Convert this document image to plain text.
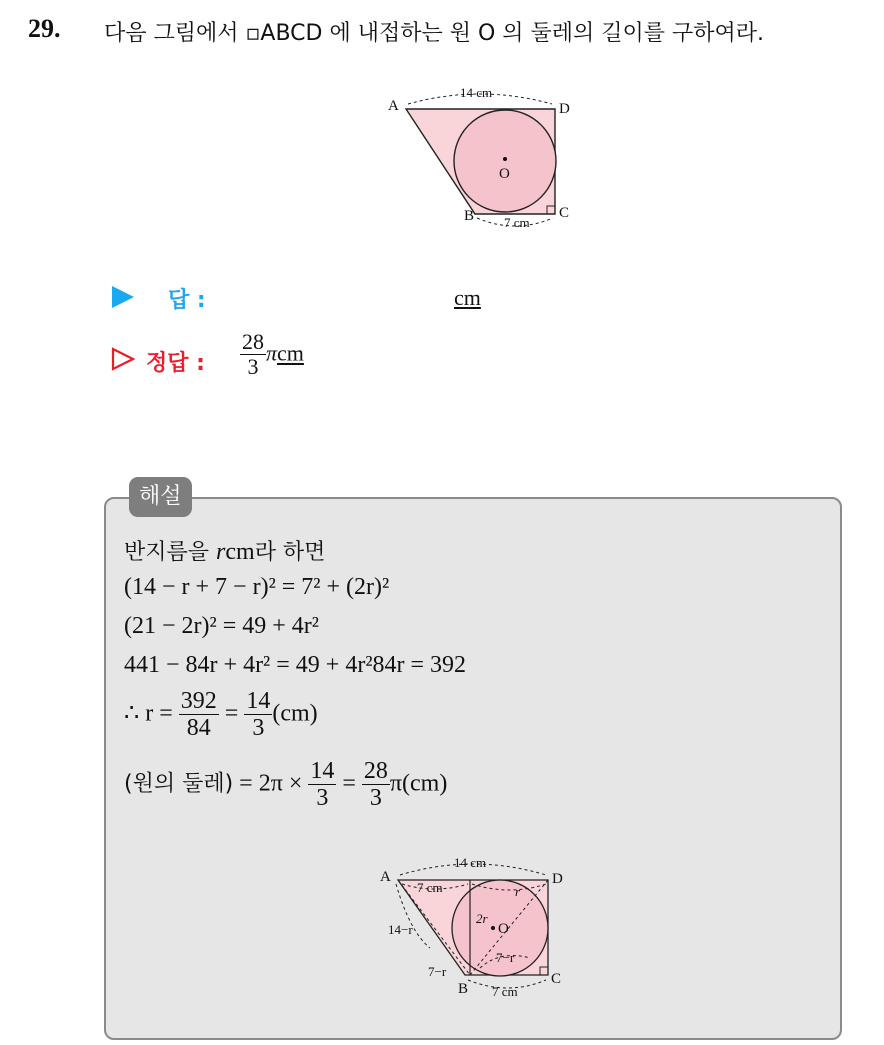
29. 다음 그림에서 ▫ABCD 에 내접하는 원 O 의 둘레의 길이를 구하여라.
14 cm
7 cm
A	D
B	C
O
답 :	cm
정답 : $\frac{28}{3}$ πcm
해설
반지름을 rcm라 하면
(14 − r + 7 − r)² = 7² + (2r)²
(21 − 2r)² = 49 + 4r²
441 − 84r + 4r² = 49 + 4r²84r = 392
∴ $r = \frac{392}{84} = \frac{14}{3} (cm)$
(원의 둘레) = $2\pi \times \frac{14}{3} = \frac{28}{3} \pi(cm)$
14 cm
7 cm	r
2r
14−r
7−r
7−r
7 cm
A	D
B
C
O
